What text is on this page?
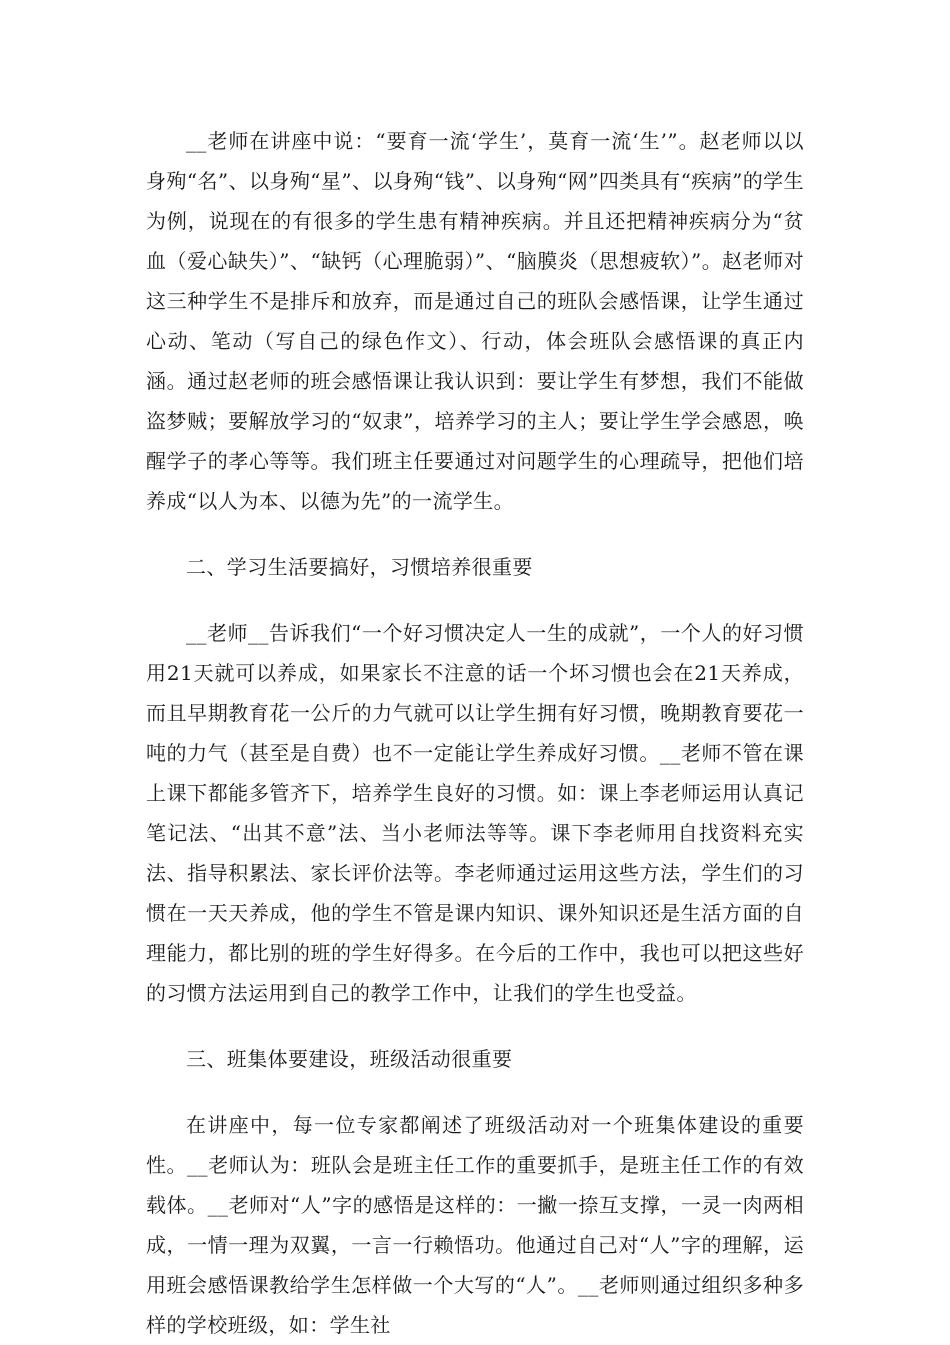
__老师在讲座中说：“要育一流‘学生’，莫育一流‘生’”。赵老师以以身殉“名”、以身殉“星”、以身殉“钱”、以身殉“网”四类具有“疾病”的学生为例，说现在的有很多的学生患有精神疾病。并且还把精神疾病分为“贫血（爱心缺失）”、“缺钙（心理脆弱）”、“脑膜炎（思想疲软）”。赵老师对这三种学生不是排斥和放弃，而是通过自己的班队会感悟课，让学生通过心动、笔动（写自己的绿色作文）、行动，体会班队会感悟课的真正内涵。通过赵老师的班会感悟课让我认识到：要让学生有梦想，我们不能做盗梦贼；要解放学习的“奴隶”，培养学习的主人；要让学生学会感恩，唤醒学子的孝心等等。我们班主任要通过对问题学生的心理疏导，把他们培养成“以人为本、以德为先”的一流学生。

二、学习生活要搞好，习惯培养很重要

__老师__告诉我们“一个好习惯决定人一生的成就”，一个人的好习惯用21天就可以养成，如果家长不注意的话一个坏习惯也会在21天养成，而且早期教育花一公斤的力气就可以让学生拥有好习惯，晚期教育要花一吨的力气（甚至是自费）也不一定能让学生养成好习惯。__老师不管在课上课下都能多管齐下，培养学生良好的习惯。如：课上李老师运用认真记笔记法、“出其不意”法、当小老师法等等。课下李老师用自找资料充实法、指导积累法、家长评价法等。李老师通过运用这些方法，学生们的习惯在一天天养成，他的学生不管是课内知识、课外知识还是生活方面的自理能力，都比别的班的学生好得多。在今后的工作中，我也可以把这些好的习惯方法运用到自己的教学工作中，让我们的学生也受益。

三、班集体要建设，班级活动很重要

在讲座中，每一位专家都阐述了班级活动对一个班集体建设的重要性。__老师认为：班队会是班主任工作的重要抓手，是班主任工作的有效载体。__老师对“人”字的感悟是这样的：一撇一捺互支撑，一灵一肉两相成，一情一理为双翼，一言一行赖悟功。他通过自己对“人”字的理解，运用班会感悟课教给学生怎样做一个大写的“人”。__老师则通过组织多种多样的学校班级，如：学生社
